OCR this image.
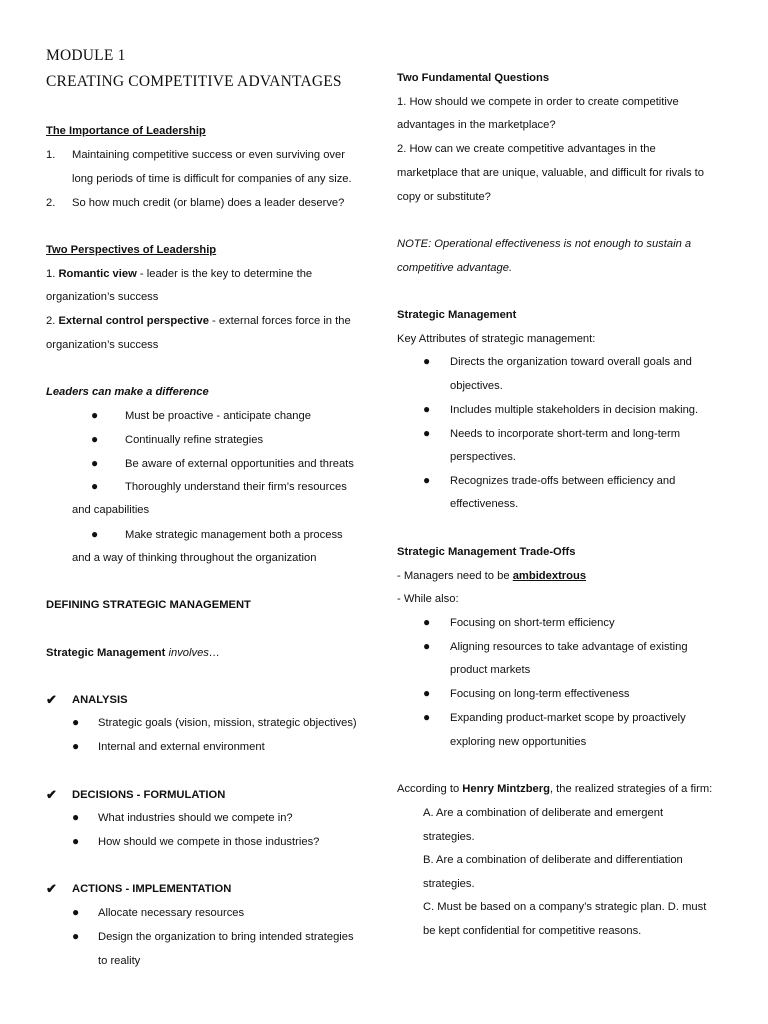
MODULE 1
CREATING COMPETITIVE ADVANTAGES
The Importance of Leadership
1. Maintaining competitive success or even surviving over
long periods of time is difficult for companies of any size.
2. So how much credit (or blame) does a leader deserve?
Two Perspectives of Leadership
1. Romantic view - leader is the key to determine the
organization’s success
2. External control perspective - external forces force in the
organization’s success
Leaders can make a difference
● Must be proactive - anticipate change
● Continually refine strategies
● Be aware of external opportunities and threats
● Thoroughly understand their firm’s resources
and capabilities
● Make strategic management both a process
and a way of thinking throughout the organization
DEFINING STRATEGIC MANAGEMENT
Strategic Management involves…
✔ ANALYSIS
● Strategic goals (vision, mission, strategic objectives)
● Internal and external environment
✔ DECISIONS - FORMULATION
● What industries should we compete in?
● How should we compete in those industries?
✔ ACTIONS - IMPLEMENTATION
● Allocate necessary resources
● Design the organization to bring intended strategies
to reality
Two Fundamental Questions
1. How should we compete in order to create competitive
advantages in the marketplace?
2. How can we create competitive advantages in the
marketplace that are unique, valuable, and difficult for rivals to
copy or substitute?
NOTE: Operational effectiveness is not enough to sustain a
competitive advantage.
Strategic Management
Key Attributes of strategic management:
● Directs the organization toward overall goals and
objectives.
● Includes multiple stakeholders in decision making.
● Needs to incorporate short-term and long-term
perspectives.
● Recognizes trade-offs between efficiency and
effectiveness.
Strategic Management Trade-Offs
- Managers need to be ambidextrous
- While also:
● Focusing on short-term efficiency
● Aligning resources to take advantage of existing
product markets
● Focusing on long-term effectiveness
● Expanding product-market scope by proactively
exploring new opportunities
According to Henry Mintzberg, the realized strategies of a firm:
A. Are a combination of deliberate and emergent
strategies.
B. Are a combination of deliberate and differentiation
strategies.
C. Must be based on a company’s strategic plan. D. must
be kept confidential for competitive reasons.
